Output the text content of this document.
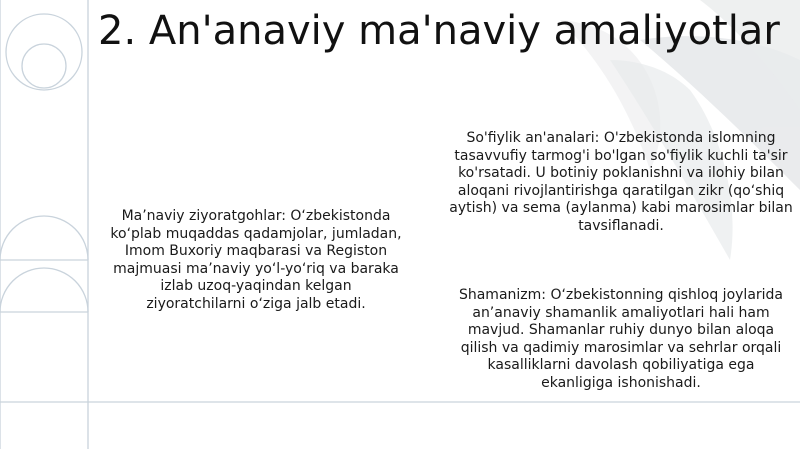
2. An'anaviy ma'naviy amaliyotlar

Ma’naviy ziyoratgohlar: O‘zbekistonda ko‘plab muqaddas qadamjolar, jumladan, Imom Buxoriy maqbarasi va Registon majmuasi ma’naviy yo‘l-yo‘riq va baraka izlab uzoq-yaqindan kelgan ziyoratchilarni o‘ziga jalb etadi.

So'fiylik an'analari: O'zbekistonda islomning tasavvufiy tarmog'i bo'lgan so'fiylik kuchli ta'sir ko'rsatadi. U botiniy poklanishni va ilohiy bilan aloqani rivojlantirishga qaratilgan zikr (qo‘shiq aytish) va sema (aylanma) kabi marosimlar bilan tavsiflanadi.

Shamanizm: O‘zbekistonning qishloq joylarida an’anaviy shamanlik amaliyotlari hali ham mavjud. Shamanlar ruhiy dunyo bilan aloqa qilish va qadimiy marosimlar va sehrlar orqali kasalliklarni davolash qobiliyatiga ega ekanligiga ishonishadi.
